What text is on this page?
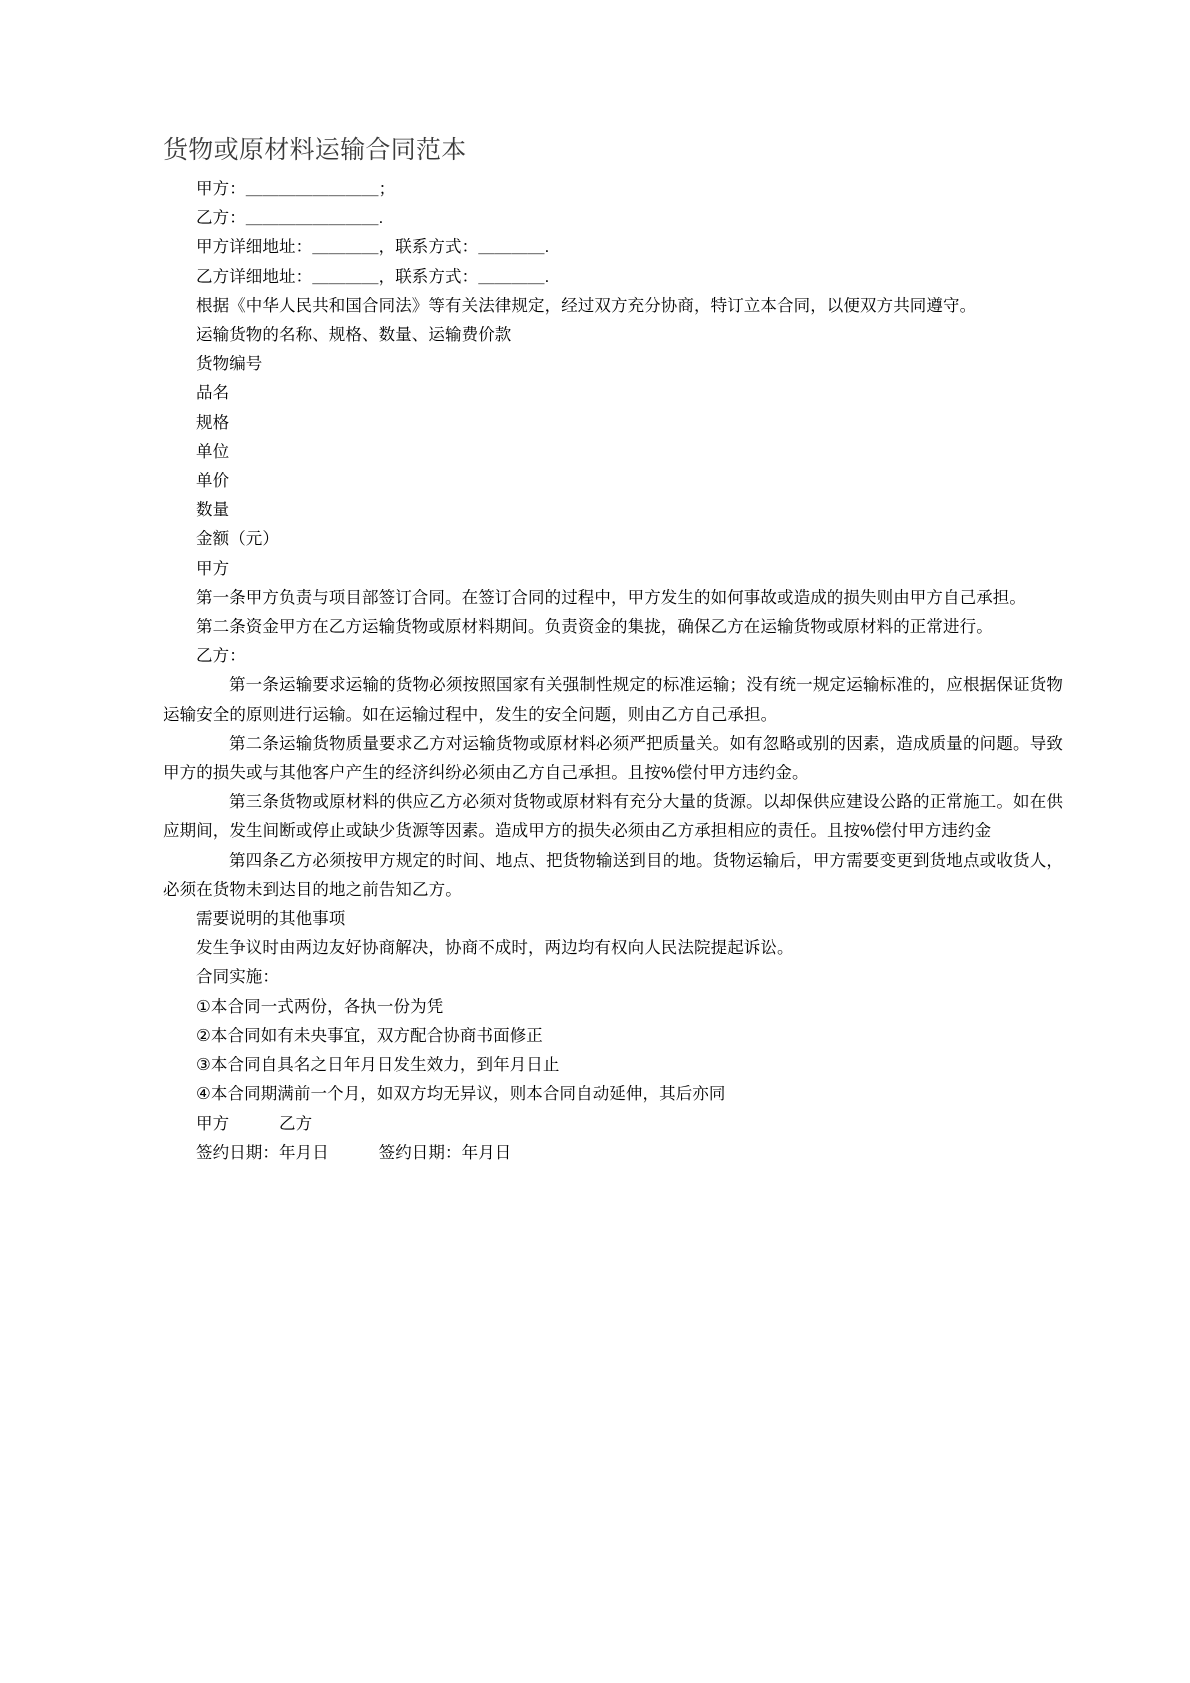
货物或原材料运输合同范本

甲方：＿＿＿＿＿＿＿＿；

乙方：＿＿＿＿＿＿＿＿.

甲方详细地址：＿＿＿＿，联系方式：＿＿＿＿.

乙方详细地址：＿＿＿＿，联系方式：＿＿＿＿.

根据《中华人民共和国合同法》等有关法律规定，经过双方充分协商，特订立本合同，以便双方共同遵守。

运输货物的名称、规格、数量、运输费价款

货物编号

品名

规格

单位

单价

数量

金额（元）

甲方

第一条甲方负责与项目部签订合同。在签订合同的过程中，甲方发生的如何事故或造成的损失则由甲方自己承担。

第二条资金甲方在乙方运输货物或原材料期间。负责资金的集拢，确保乙方在运输货物或原材料的正常进行。

乙方：

第一条运输要求运输的货物必须按照国家有关强制性规定的标准运输；没有统一规定运输标准的，应根据保证货物运输安全的原则进行运输。如在运输过程中，发生的安全问题，则由乙方自己承担。

第二条运输货物质量要求乙方对运输货物或原材料必须严把质量关。如有忽略或别的因素，造成质量的问题。导致甲方的损失或与其他客户产生的经济纠纷必须由乙方自己承担。且按%偿付甲方违约金。

第三条货物或原材料的供应乙方必须对货物或原材料有充分大量的货源。以却保供应建设公路的正常施工。如在供应期间，发生间断或停止或缺少货源等因素。造成甲方的损失必须由乙方承担相应的责任。且按%偿付甲方违约金

第四条乙方必须按甲方规定的时间、地点、把货物输送到目的地。货物运输后，甲方需要变更到货地点或收货人，必须在货物未到达目的地之前告知乙方。

需要说明的其他事项

发生争议时由两边友好协商解决，协商不成时，两边均有权向人民法院提起诉讼。

合同实施：

①本合同一式两份，各执一份为凭

②本合同如有未央事宜，双方配合协商书面修正

③本合同自具名之日年月日发生效力，到年月日止

④本合同期满前一个月，如双方均无异议，则本合同自动延伸，其后亦同

甲方　　　乙方

签约日期：年月日　　　签约日期：年月日
